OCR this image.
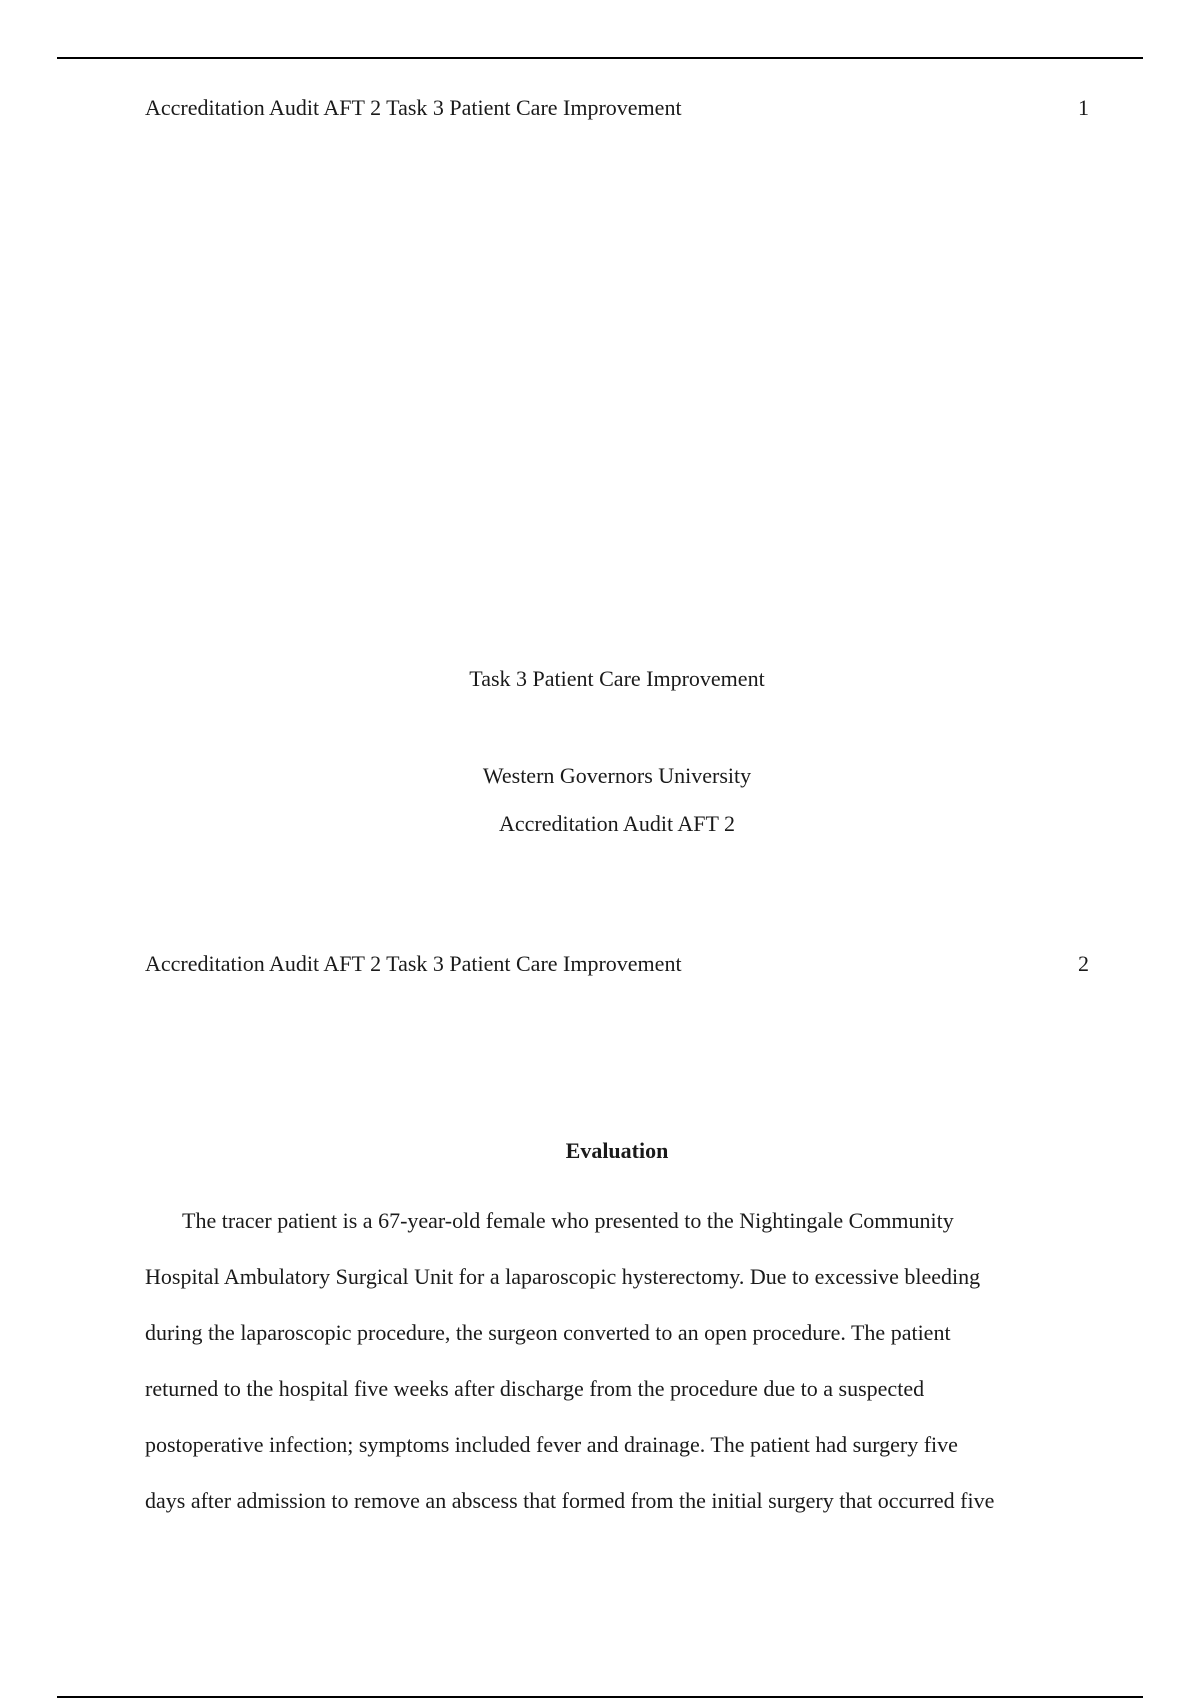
Accreditation Audit AFT 2 Task 3 Patient Care Improvement	1
Task 3 Patient Care Improvement
Western Governors University
Accreditation Audit AFT 2
Accreditation Audit AFT 2 Task 3 Patient Care Improvement	2
Evaluation
The tracer patient is a 67-year-old female who presented to the Nightingale Community
Hospital Ambulatory Surgical Unit for a laparoscopic hysterectomy. Due to excessive bleeding
during the laparoscopic procedure, the surgeon converted to an open procedure. The patient
returned to the hospital five weeks after discharge from the procedure due to a suspected
postoperative infection; symptoms included fever and drainage. The patient had surgery five
days after admission to remove an abscess that formed from the initial surgery that occurred five
